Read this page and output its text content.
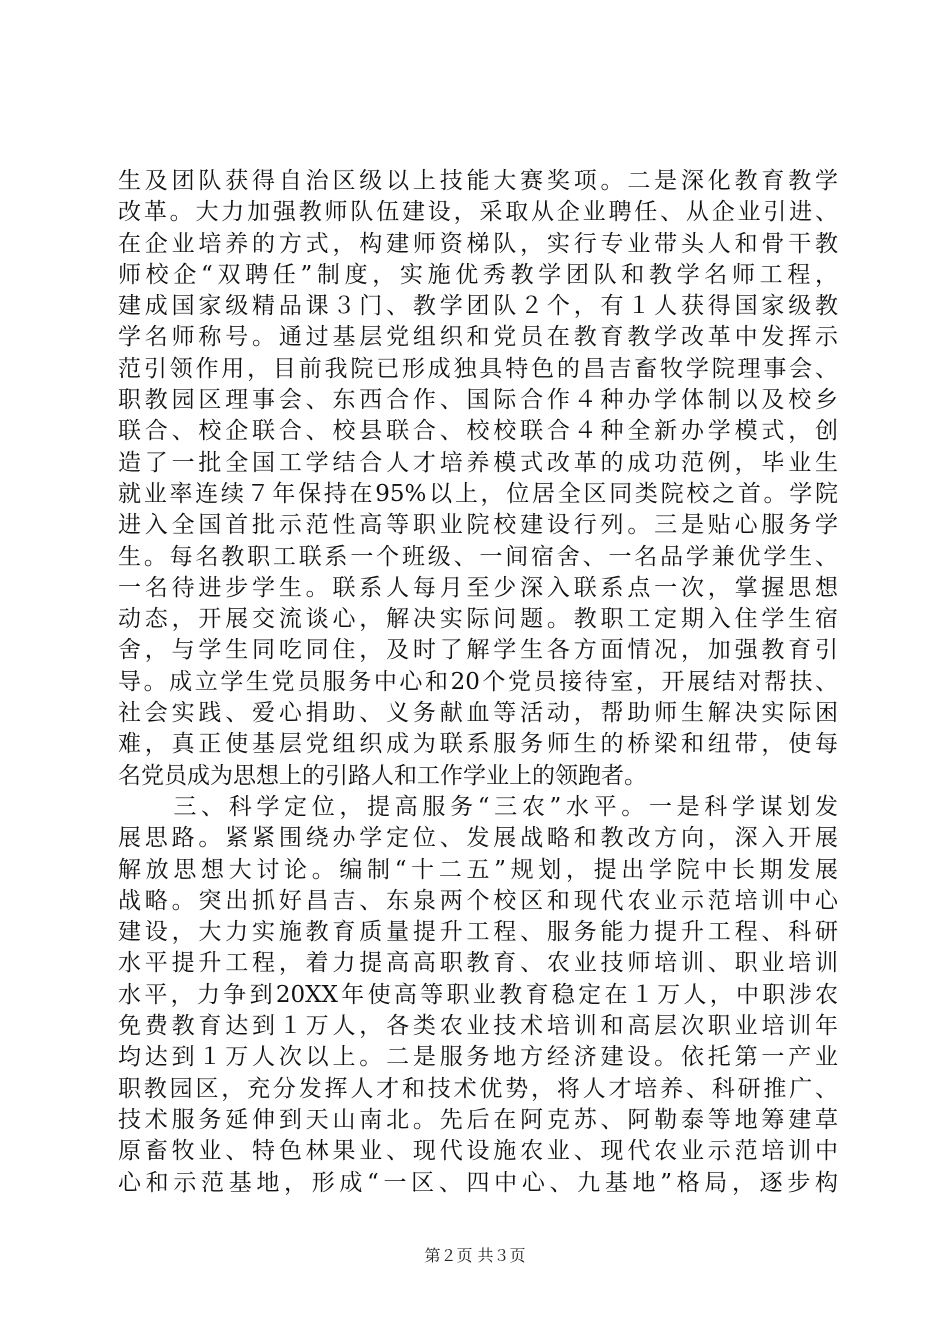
生及团队获得自治区级以上技能大赛奖项。二是深化教育教学
改革。大力加强教师队伍建设，采取从企业聘任、从企业引进、
在企业培养的方式，构建师资梯队，实行专业带头人和骨干教
师校企“双聘任”制度，实施优秀教学团队和教学名师工程，
建成国家级精品课３门、教学团队２个，有１人获得国家级教
学名师称号。通过基层党组织和党员在教育教学改革中发挥示
范引领作用，目前我院已形成独具特色的昌吉畜牧学院理事会、
职教园区理事会、东西合作、国际合作４种办学体制以及校乡
联合、校企联合、校县联合、校校联合４种全新办学模式，创
造了一批全国工学结合人才培养模式改革的成功范例，毕业生
就业率连续７年保持在95%以上，位居全区同类院校之首。学院
进入全国首批示范性高等职业院校建设行列。三是贴心服务学
生。每名教职工联系一个班级、一间宿舍、一名品学兼优学生、
一名待进步学生。联系人每月至少深入联系点一次，掌握思想
动态，开展交流谈心，解决实际问题。教职工定期入住学生宿
舍，与学生同吃同住，及时了解学生各方面情况，加强教育引
导。成立学生党员服务中心和20个党员接待室，开展结对帮扶、
社会实践、爱心捐助、义务献血等活动，帮助师生解决实际困
难，真正使基层党组织成为联系服务师生的桥梁和纽带，使每
名党员成为思想上的引路人和工作学业上的领跑者。
　　三、科学定位，提高服务“三农”水平。一是科学谋划发
展思路。紧紧围绕办学定位、发展战略和教改方向，深入开展
解放思想大讨论。编制“十二五”规划，提出学院中长期发展
战略。突出抓好昌吉、东泉两个校区和现代农业示范培训中心
建设，大力实施教育质量提升工程、服务能力提升工程、科研
水平提升工程，着力提高高职教育、农业技师培训、职业培训
水平，力争到20XX年使高等职业教育稳定在１万人，中职涉农
免费教育达到１万人，各类农业技术培训和高层次职业培训年
均达到１万人次以上。二是服务地方经济建设。依托第一产业
职教园区，充分发挥人才和技术优势，将人才培养、科研推广、
技术服务延伸到天山南北。先后在阿克苏、阿勒泰等地筹建草
原畜牧业、特色林果业、现代设施农业、现代农业示范培训中
心和示范基地，形成“一区、四中心、九基地”格局，逐步构
第２页 共３页
